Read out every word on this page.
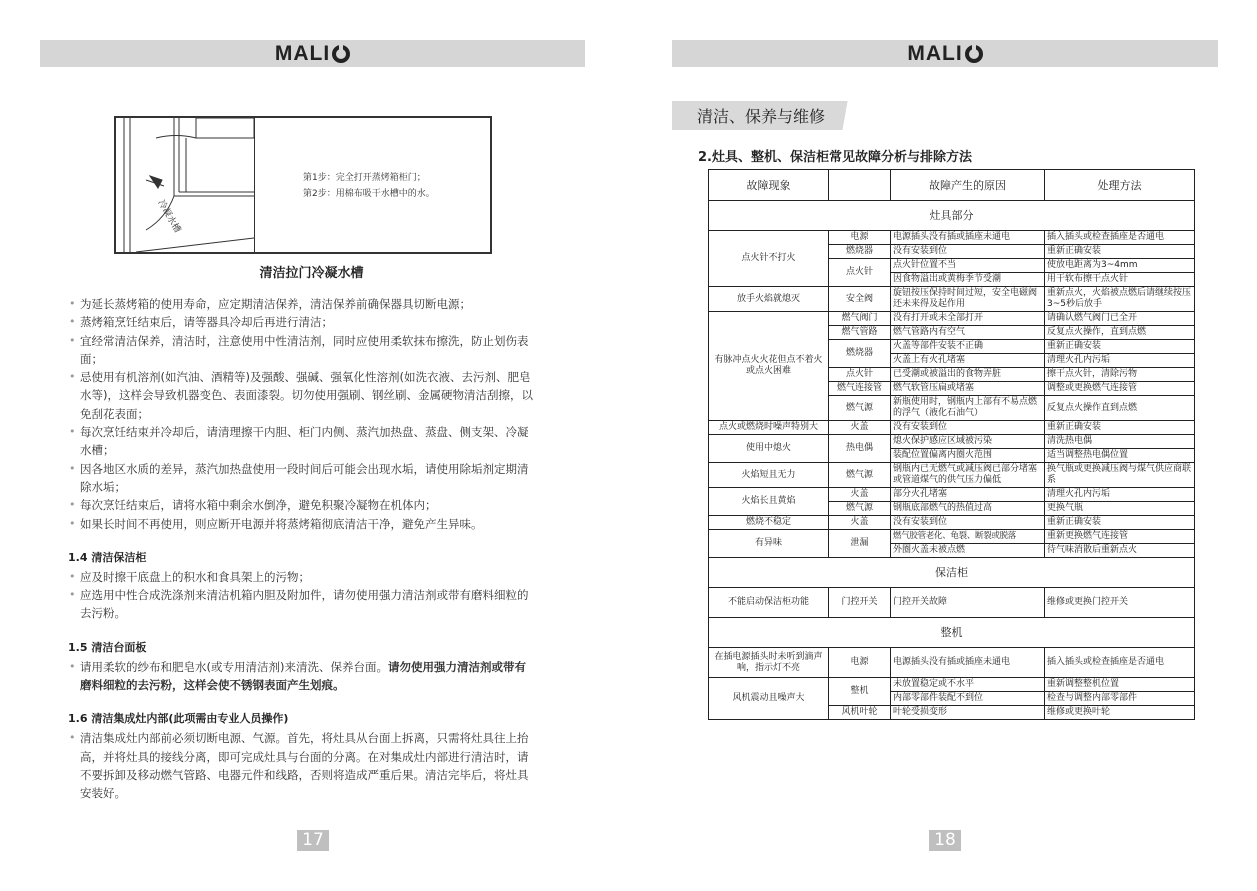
MALI
冷凝水槽
第1步：完全打开蒸烤箱柜门；
第2步：用棉布吸干水槽中的水。
清洁拉门冷凝水槽
• 为延长蒸烤箱的使用寿命，应定期清洁保养，清洁保养前确保器具切断电源；
• 蒸烤箱烹饪结束后，请等器具冷却后再进行清洁；
• 宜经常清洁保养，清洁时，注意使用中性清洁剂，同时应使用柔软抹布擦洗，防止划伤表面；
• 忌使用有机溶剂(如汽油、酒精等)及强酸、强碱、强氧化性溶剂(如洗衣液、去污剂、肥皂水等)，这样会导致机器变色、表面漆裂。切勿使用强刷、钢丝刷、金属硬物清洁刮擦，以免刮花表面；
• 每次烹饪结束并冷却后，请清理擦干内胆、柜门内侧、蒸汽加热盘、蒸盘、侧支架、冷凝水槽；
• 因各地区水质的差异，蒸汽加热盘使用一段时间后可能会出现水垢，请使用除垢剂定期清除水垢；
• 每次烹饪结束后，请将水箱中剩余水倒净，避免积聚冷凝物在机体内；
• 如果长时间不再使用，则应断开电源并将蒸烤箱彻底清洁干净，避免产生异味。
1.4 清洁保洁柜
• 应及时擦干底盘上的积水和食具架上的污物；
• 应选用中性合成洗涤剂来清洁机箱内胆及附加件，请勿使用强力清洁剂或带有磨料细粒的去污粉。
1.5 清洁台面板
• 请用柔软的纱布和肥皂水(或专用清洁剂)来清洗、保养台面。请勿使用强力清洁剂或带有磨料细粒的去污粉，这样会使不锈钢表面产生划痕。
1.6 清洁集成灶内部(此项需由专业人员操作)
• 清洁集成灶内部前必须切断电源、气源。首先，将灶具从台面上拆离，只需将灶具往上抬高，并将灶具的接线分离，即可完成灶具与台面的分离。在对集成灶内部进行清洁时，请不要拆卸及移动燃气管路、电器元件和线路，否则将造成严重后果。清洁完毕后，将灶具安装好。
17
MALI
清洁、保养与维修
2.灶具、整机、保洁柜常见故障分析与排除方法
故障现象		故障产生的原因	处理方法
灶具部分			
点火针不打火	电源	电源插头没有插或插座未通电	插入插头或检查插座是否通电
	燃烧器	没有安装到位	重新正确安装
	点火针	点火针位置不当	使放电距离为3~4mm
		因食物溢出或黄梅季节受潮	用干软布擦干点火针
放手火焰就熄灭	安全阀	旋钮按压保持时间过短，安全电磁阀还未来得及起作用	重新点火，火焰被点燃后请继续按压3~5秒后放手
有脉冲点火火花但点不着火或点火困难	燃气阀门	没有打开或未全部打开	请确认燃气阀门已全开
	燃气管路	燃气管路内有空气	反复点火操作，直到点燃
	燃烧器	火盖等部件安装不正确	重新正确安装
		火盖上有火孔堵塞	清理火孔内污垢
	点火针	已受潮或被溢出的食物弄脏	擦干点火针，清除污物
	燃气连接管	燃气软管压扁或堵塞	调整或更换燃气连接管
	燃气源	新瓶使用时，钢瓶内上部有不易点燃的浮气（液化石油气）	反复点火操作直到点燃
点火或燃烧时噪声特别大	火盖	没有安装到位	重新正确安装
使用中熄火	热电偶	熄火保护感应区域被污染	清洗热电偶
		装配位置偏离内圈火范围	适当调整热电偶位置
火焰短且无力	燃气源	钢瓶内已无燃气或减压阀已部分堵塞或管道煤气的供气压力偏低	换气瓶或更换减压阀与煤气供应商联系
火焰长且黄焰	火盖	部分火孔堵塞	清理火孔内污垢
	燃气源	钢瓶底部燃气的热值过高	更换气瓶
燃烧不稳定	火盖	没有安装到位	重新正确安装
有异味	泄漏	燃气胶管老化、龟裂、断裂或脱落	重新更换燃气连接管
		外圈火盖未被点燃	待气味消散后重新点火
保洁柜			
不能启动保洁柜功能	门控开关	门控开关故障	维修或更换门控开关
整机			
在插电源插头时未听到滴声响，指示灯不亮	电源	电源插头没有插或插座未通电	插入插头或检查插座是否通电
风机震动且噪声大	整机	未放置稳定或不水平	重新调整整机位置
		内部零部件装配不到位	检查与调整内部零部件
	风机叶轮	叶轮受损变形	维修或更换叶轮
18
